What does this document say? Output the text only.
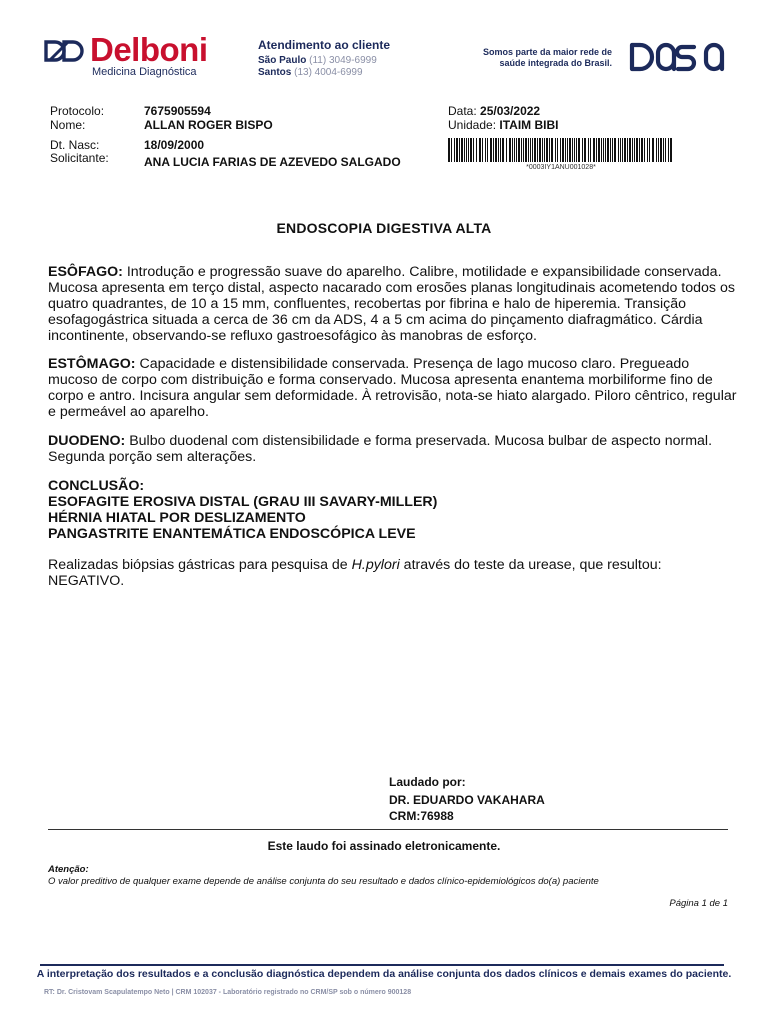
Delboni
Medicina Diagnóstica
Atendimento ao cliente
São Paulo (11) 3049-6999
Santos (13) 4004-6999
Somos parte da maior rede de
saúde integrada do Brasil.
Protocolo:	7675905594
Nome:	ALLAN ROGER BISPO
Dt. Nasc:	18/09/2000
Solicitante:	ANA LUCIA FARIAS DE AZEVEDO SALGADO
Data: 25/03/2022
Unidade: ITAIM BIBI
*0003IY1ANU001028*
ENDOSCOPIA DIGESTIVA ALTA
ESÔFAGO: Introdução e progressão suave do aparelho. Calibre, motilidade e expansibilidade conservada. Mucosa apresenta em terço distal, aspecto nacarado com erosões planas longitudinais acometendo todos os quatro quadrantes, de 10 a 15 mm, confluentes, recobertas por fibrina e halo de hiperemia. Transição esofagogástrica situada a cerca de 36 cm da ADS, 4 a 5 cm acima do pinçamento diafragmático. Cárdia incontinente, observando-se refluxo gastroesofágico às manobras de esforço.
ESTÔMAGO: Capacidade e distensibilidade conservada. Presença de lago mucoso claro. Pregueado mucoso de corpo com distribuição e forma conservado. Mucosa apresenta enantema morbiliforme fino de corpo e antro. Incisura angular sem deformidade. À retrovisão, nota-se hiato alargado. Piloro cêntrico, regular e permeável ao aparelho.
DUODENO: Bulbo duodenal com distensibilidade e forma preservada. Mucosa bulbar de aspecto normal. Segunda porção sem alterações.
CONCLUSÃO:
ESOFAGITE EROSIVA DISTAL (GRAU III SAVARY-MILLER)
HÉRNIA HIATAL POR DESLIZAMENTO
PANGASTRITE ENANTEMÁTICA ENDOSCÓPICA LEVE
Realizadas biópsias gástricas para pesquisa de H.pylori através do teste da urease, que resultou: NEGATIVO.
Laudado por:
DR. EDUARDO VAKAHARA
CRM:76988
Este laudo foi assinado eletronicamente.
Atenção:
O valor preditivo de qualquer exame depende de análise conjunta do seu resultado e dados clínico-epidemiológicos do(a) paciente
Página 1 de 1
A interpretação dos resultados e a conclusão diagnóstica dependem da análise conjunta dos dados clínicos e demais exames do paciente.
RT: Dr. Cristovam Scapulatempo Neto | CRM 102037 - Laboratório registrado no CRM/SP sob o número 900128
